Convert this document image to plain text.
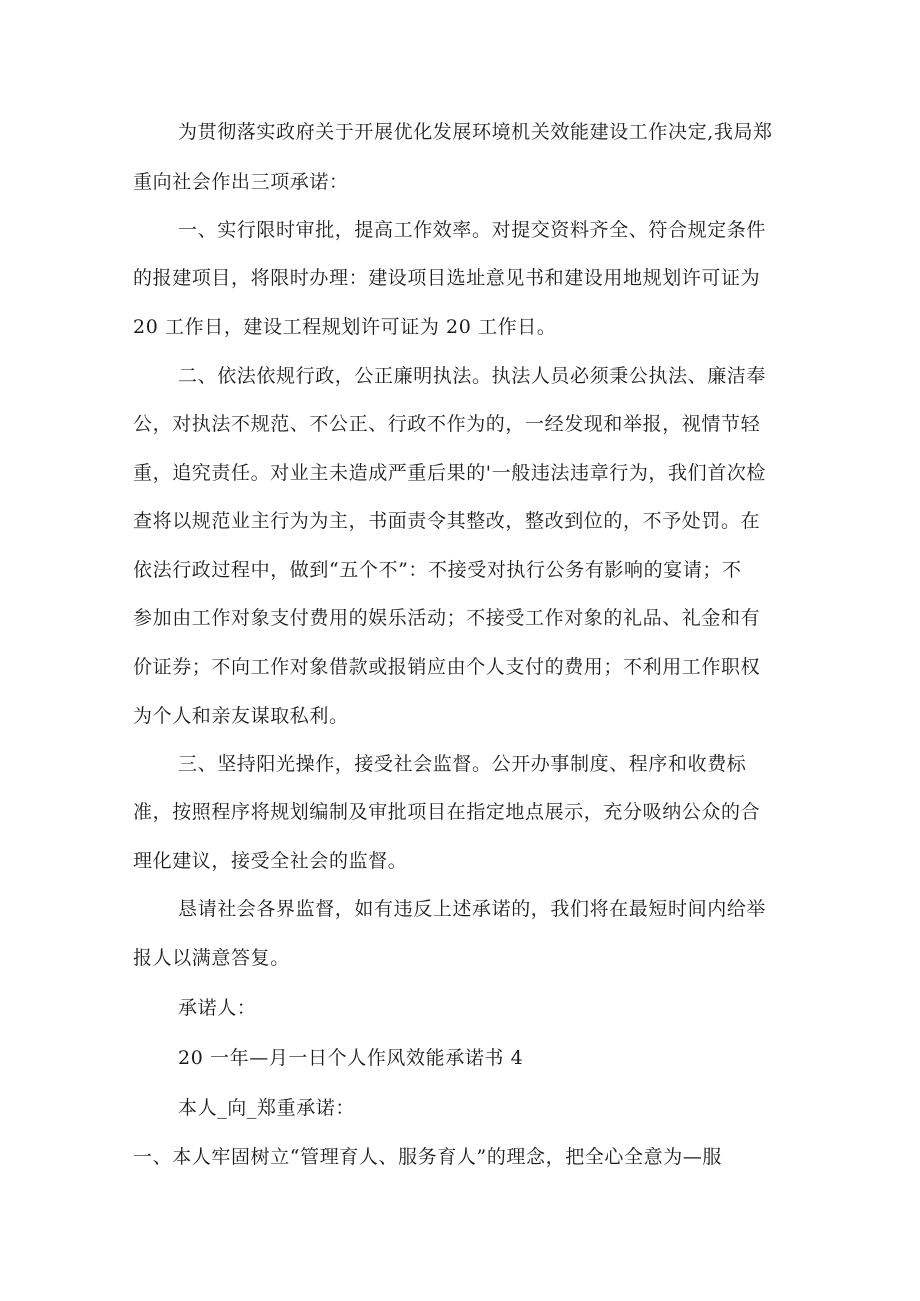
为贯彻落实政府关于开展优化发展环境机关效能建设工作决定,我局郑
重向社会作出三项承诺：
一、实行限时审批，提高工作效率。对提交资料齐全、符合规定条件
的报建项目，将限时办理：建设项目选址意见书和建设用地规划许可证为
20 工作日，建设工程规划许可证为 20 工作日。
二、依法依规行政，公正廉明执法。执法人员必须秉公执法、廉洁奉
公，对执法不规范、不公正、行政不作为的，一经发现和举报，视情节轻
重，追究责任。对业主未造成严重后果的'一般违法违章行为，我们首次检
查将以规范业主行为为主，书面责令其整改，整改到位的，不予处罚。在
依法行政过程中，做到“五个不”：不接受对执行公务有影响的宴请；不
参加由工作对象支付费用的娱乐活动；不接受工作对象的礼品、礼金和有
价证券；不向工作对象借款或报销应由个人支付的费用；不利用工作职权
为个人和亲友谋取私利。
三、坚持阳光操作，接受社会监督。公开办事制度、程序和收费标
准，按照程序将规划编制及审批项目在指定地点展示，充分吸纳公众的合
理化建议，接受全社会的监督。
恳请社会各界监督，如有违反上述承诺的，我们将在最短时间内给举
报人以满意答复。
承诺人：
20 一年—月一日个人作风效能承诺书 4
本人_向_郑重承诺：
一、本人牢固树立“管理育人、服务育人”的理念，把全心全意为—服
